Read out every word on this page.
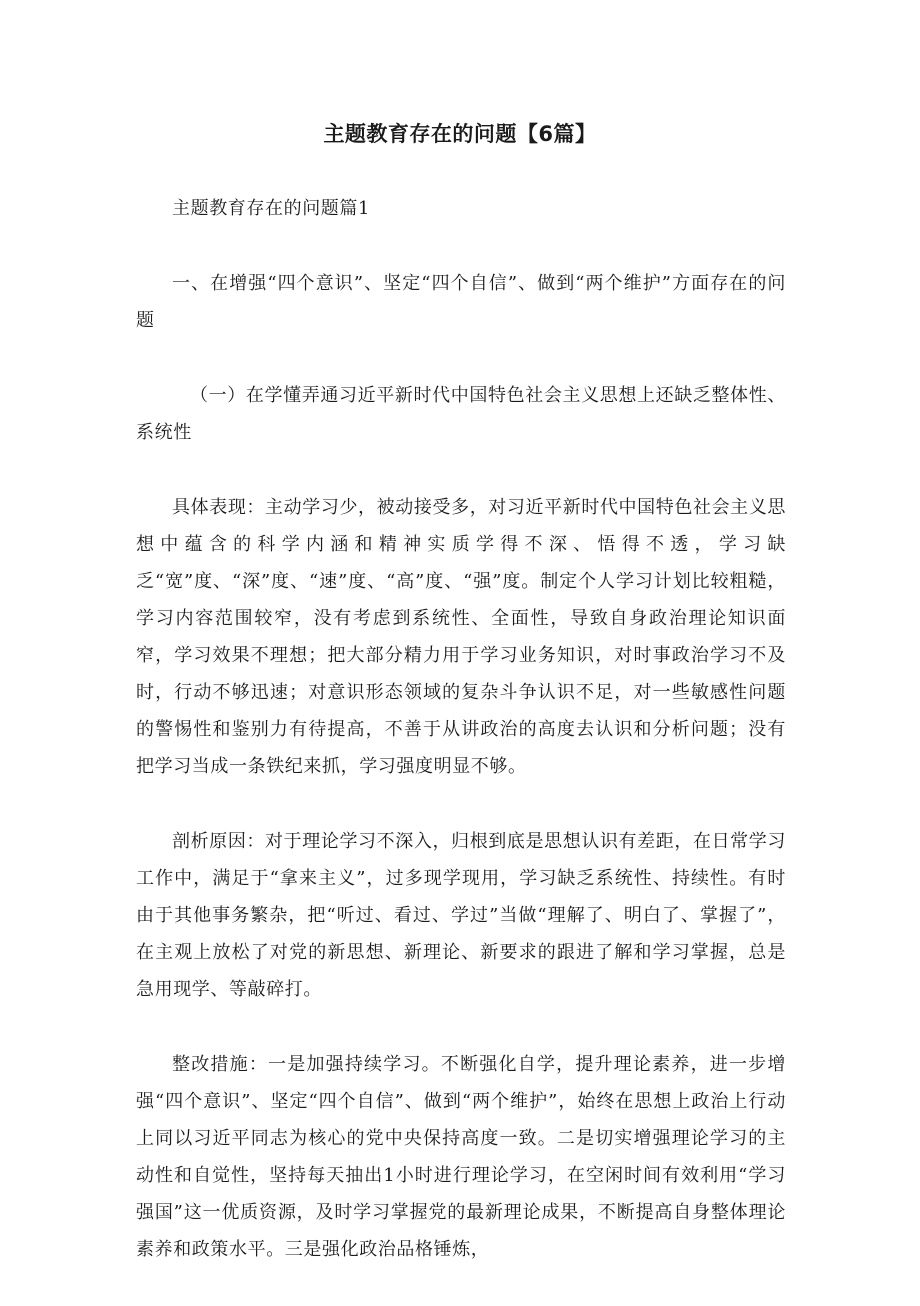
主题教育存在的问题【6篇】

主题教育存在的问题篇1

一、在增强“四个意识”、坚定“四个自信”、做到“两个维护”方面存在的问题

（一）在学懂弄通习近平新时代中国特色社会主义思想上还缺乏整体性、系统性

具体表现：主动学习少，被动接受多，对习近平新时代中国特色社会主义思想中蕴含的科学内涵和精神实质学得不深、悟得不透，学习缺乏“宽”度、“深”度、“速”度、“高”度、“强”度。制定个人学习计划比较粗糙，学习内容范围较窄，没有考虑到系统性、全面性，导致自身政治理论知识面窄，学习效果不理想；把大部分精力用于学习业务知识，对时事政治学习不及时，行动不够迅速；对意识形态领域的复杂斗争认识不足，对一些敏感性问题的警惕性和鉴别力有待提高，不善于从讲政治的高度去认识和分析问题；没有把学习当成一条铁纪来抓，学习强度明显不够。

剖析原因：对于理论学习不深入，归根到底是思想认识有差距，在日常学习工作中，满足于“拿来主义”，过多现学现用，学习缺乏系统性、持续性。有时由于其他事务繁杂，把“听过、看过、学过”当做“理解了、明白了、掌握了”，在主观上放松了对党的新思想、新理论、新要求的跟进了解和学习掌握，总是急用现学、等敲碎打。

整改措施：一是加强持续学习。不断强化自学，提升理论素养，进一步增强“四个意识”、坚定“四个自信”、做到“两个维护”，始终在思想上政治上行动上同以习近平同志为核心的党中央保持高度一致。二是切实增强理论学习的主动性和自觉性，坚持每天抽出1小时进行理论学习，在空闲时间有效利用“学习强国”这一优质资源，及时学习掌握党的最新理论成果，不断提高自身整体理论素养和政策水平。三是强化政治品格锤炼，
